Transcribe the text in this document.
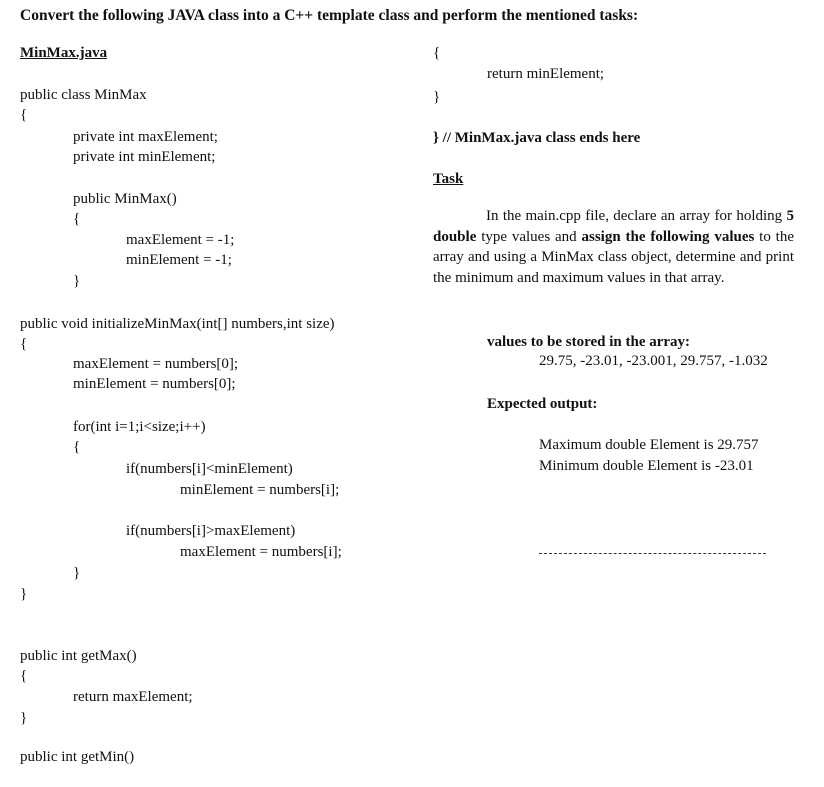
Convert the following JAVA class into a C++ template class and perform the mentioned tasks:
MinMax.java
public class MinMax
{
private int maxElement;
private int minElement;
public MinMax()
{
maxElement = -1;
minElement = -1;
}
public void initializeMinMax(int[] numbers,int size)
{
maxElement = numbers[0];
minElement = numbers[0];
for(int i=1;i<size;i++)
{
if(numbers[i]<minElement)
minElement = numbers[i];
if(numbers[i]>maxElement)
maxElement = numbers[i];
}
}
public int getMax()
{
return maxElement;
}
public int getMin()
{
return minElement;
}
} // MinMax.java class ends here
Task
In the main.cpp file, declare an array for holding 5 double type values and assign the following values to the array and using a MinMax class object, determine and print the minimum and maximum values in that array.
values to be stored in the array:
29.75, -23.01, -23.001, 29.757, -1.032
Expected output:
Maximum double Element is 29.757
Minimum double Element is -23.01
